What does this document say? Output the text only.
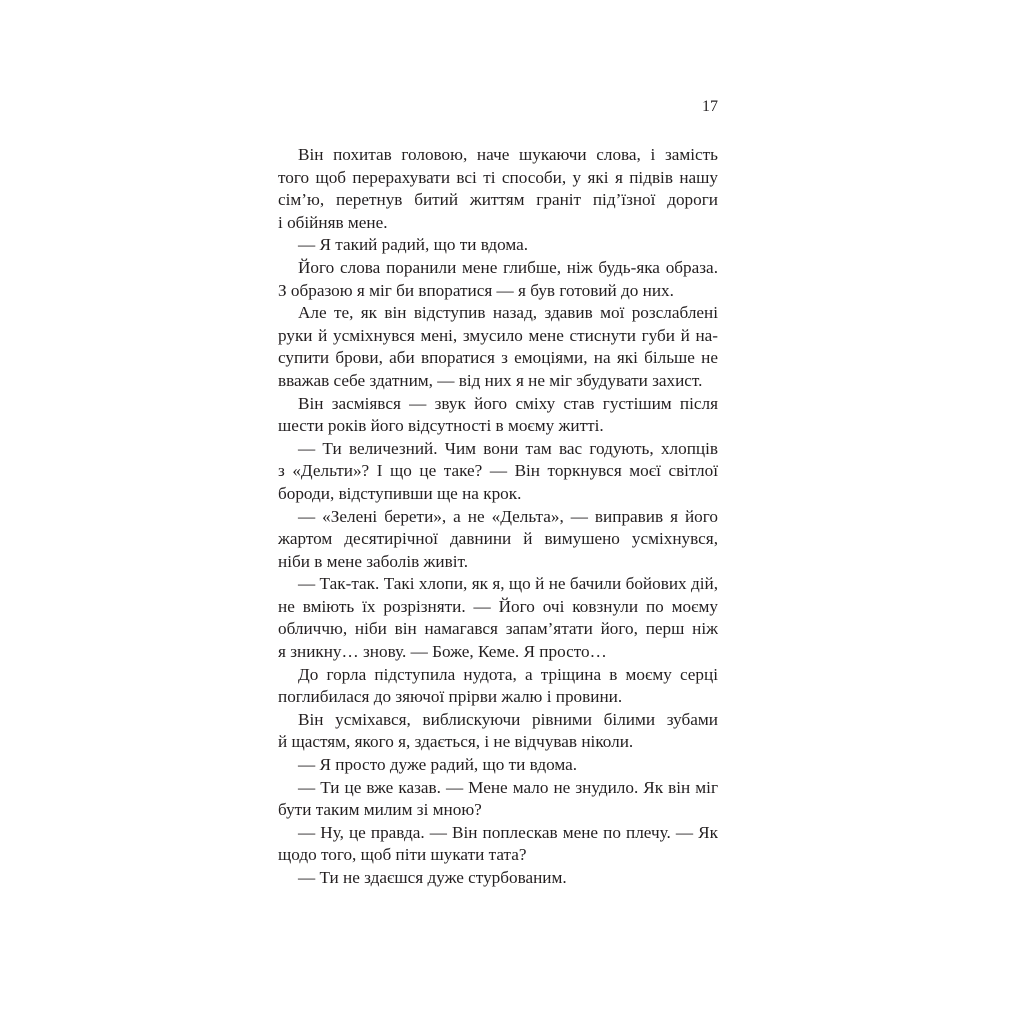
17
Він похитав головою, наче шукаючи слова, і замість
того щоб перерахувати всі ті способи, у які я підвів нашу
сім’ю, перетнув битий життям граніт під’їзної дороги
і обійняв мене.
— Я такий радий, що ти вдома.
Його слова поранили мене глибше, ніж будь-яка образа.
З образою я міг би впоратися — я був готовий до них.
Але те, як він відступив назад, здавив мої розслаблені
руки й усміхнувся мені, змусило мене стиснути губи й на-
супити брови, аби впоратися з емоціями, на які більше не
вважав себе здатним, — від них я не міг збудувати захист.
Він засміявся — звук його сміху став густішим після
шести років його відсутності в моєму житті.
— Ти величезний. Чим вони там вас годують, хлопців
з «Дельти»? І що це таке? — Він торкнувся моєї світлої
бороди, відступивши ще на крок.
— «Зелені берети», а не «Дельта», — виправив я його
жартом десятирічної давнини й вимушено усміхнувся,
ніби в мене заболів живіт.
— Так-так. Такі хлопи, як я, що й не бачили бойових дій,
не вміють їх розрізняти. — Його очі ковзнули по моєму
обличчю, ніби він намагався запам’ятати його, перш ніж
я зникну… знову. — Боже, Кеме. Я просто…
До горла підступила нудота, а тріщина в моєму серці
поглибилася до зяючої прірви жалю і провини.
Він усміхався, виблискуючи рівними білими зубами
й щастям, якого я, здається, і не відчував ніколи.
— Я просто дуже радий, що ти вдома.
— Ти це вже казав. — Мене мало не знудило. Як він міг
бути таким милим зі мною?
— Ну, це правда. — Він поплескав мене по плечу. — Як
щодо того, щоб піти шукати тата?
— Ти не здаєшся дуже стурбованим.
